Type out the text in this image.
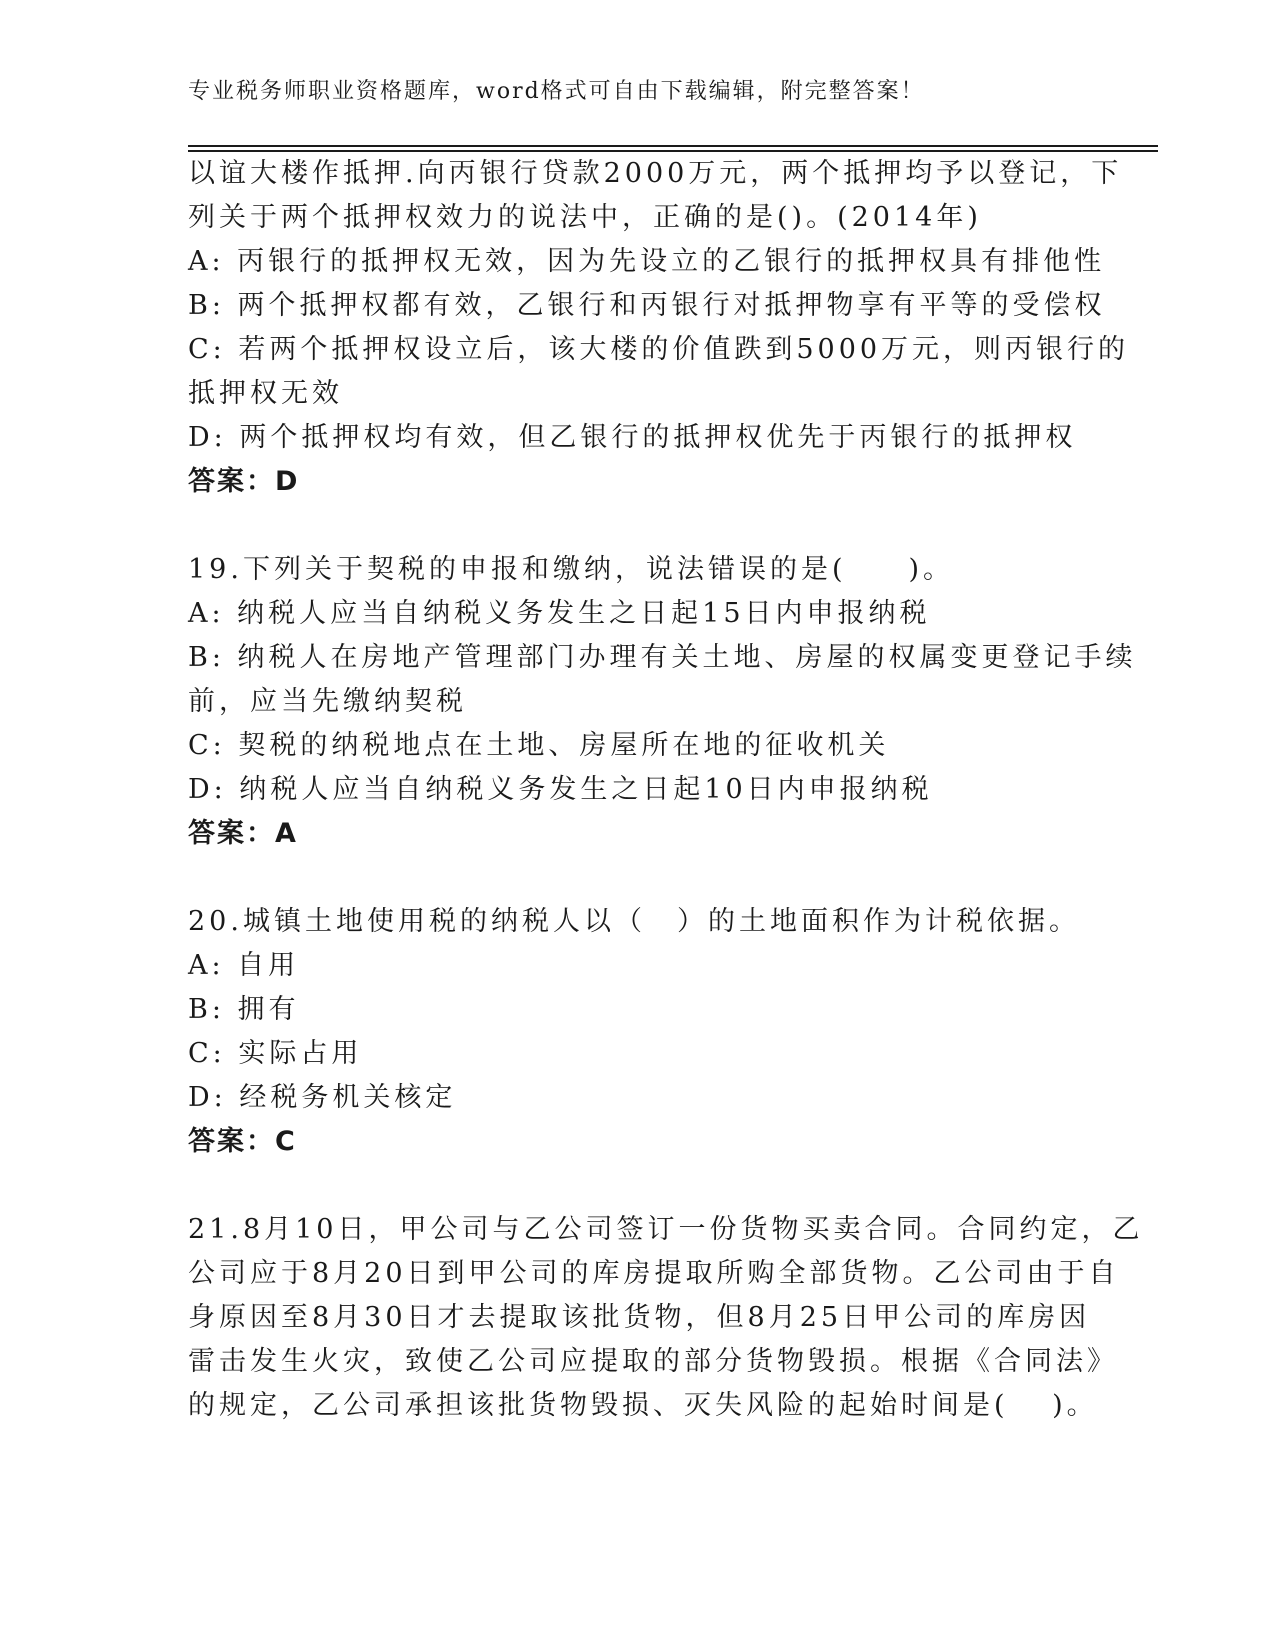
专业税务师职业资格题库，word格式可自由下载编辑，附完整答案！
以谊大楼作抵押.向丙银行贷款2000万元，两个抵押均予以登记，下
列关于两个抵押权效力的说法中，正确的是()。(2014年)
A: 丙银行的抵押权无效，因为先设立的乙银行的抵押权具有排他性
B: 两个抵押权都有效，乙银行和丙银行对抵押物享有平等的受偿权
C: 若两个抵押权设立后，该大楼的价值跌到5000万元，则丙银行的
抵押权无效
D: 两个抵押权均有效，但乙银行的抵押权优先于丙银行的抵押权
答案：D
19.下列关于契税的申报和缴纳，说法错误的是(　　)。
A: 纳税人应当自纳税义务发生之日起15日内申报纳税
B: 纳税人在房地产管理部门办理有关土地、房屋的权属变更登记手续
前，应当先缴纳契税
C: 契税的纳税地点在土地、房屋所在地的征收机关
D: 纳税人应当自纳税义务发生之日起10日内申报纳税
答案：A
20.城镇土地使用税的纳税人以（　）的土地面积作为计税依据。
A: 自用
B: 拥有
C: 实际占用
D: 经税务机关核定
答案：C
21.8月10日，甲公司与乙公司签订一份货物买卖合同。合同约定，乙
公司应于8月20日到甲公司的库房提取所购全部货物。乙公司由于自
身原因至8月30日才去提取该批货物，但8月25日甲公司的库房因
雷击发生火灾，致使乙公司应提取的部分货物毁损。根据《合同法》
的规定，乙公司承担该批货物毁损、灭失风险的起始时间是(　 )。
